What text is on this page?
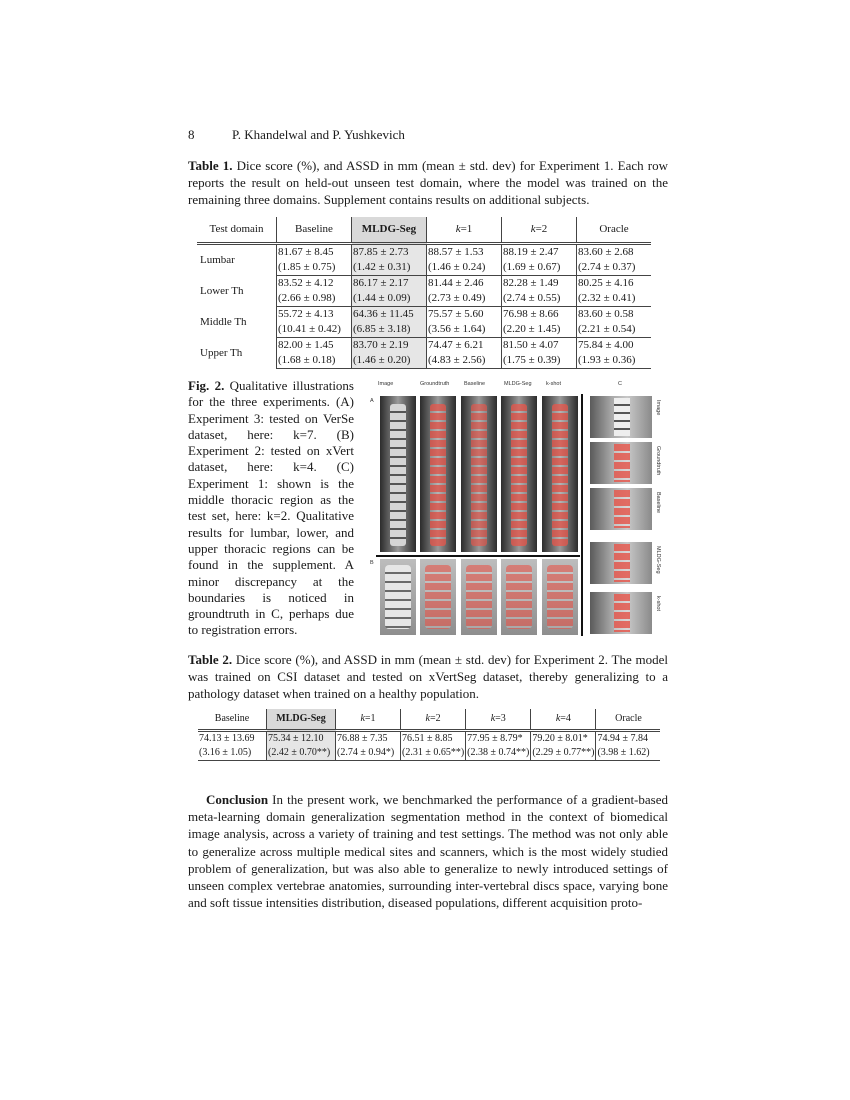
8	P. Khandelwal and P. Yushkevich
Table 1. Dice score (%), and ASSD in mm (mean ± std. dev) for Experiment 1. Each row reports the result on held-out unseen test domain, where the model was trained on the remaining three domains. Supplement contains results on additional subjects.
Test domain	Baseline	MLDG-Seg	k=1	k=2	Oracle

Lumbar	81.67 ± 8.45	87.85 ± 2.73	88.57 ± 1.53	88.19 ± 2.47	83.60 ± 2.68
	(1.85 ± 0.75)	(1.42 ± 0.31)	(1.46 ± 0.24)	(1.69 ± 0.67)	(2.74 ± 0.37)
Lower Th	83.52 ± 4.12	86.17 ± 2.17	81.44 ± 2.46	82.28 ± 1.49	80.25 ± 4.16
	(2.66 ± 0.98)	(1.44 ± 0.09)	(2.73 ± 0.49)	(2.74 ± 0.55)	(2.32 ± 0.41)
Middle Th	55.72 ± 4.13	64.36 ± 11.45	75.57 ± 5.60	76.98 ± 8.66	83.60 ± 0.58
	(10.41 ± 0.42)	(6.85 ± 3.18)	(3.56 ± 1.64)	(2.20 ± 1.45)	(2.21 ± 0.54)
Upper Th	82.00 ± 1.45	83.70 ± 2.19	74.47 ± 6.21	81.50 ± 4.07	75.84 ± 4.00
	(1.68 ± 0.18)	(1.46 ± 0.20)	(4.83 ± 2.56)	(1.75 ± 0.39)	(1.93 ± 0.36)
Fig. 2. Qualitative illustrations for the three experiments. (A) Experiment 3: tested on VerSe dataset, here: k=7. (B) Experiment 2: tested on xVert dataset, here: k=4. (C) Experiment 1: shown is the middle thoracic region as the test set, here: k=2. Qualitative results for lumbar, lower, and upper thoracic regions can be found in the supplement. A minor discrepancy at the boundaries is noticed in groundtruth in C, perhaps due to registration errors.
Image	Groundtruth	Baseline	MLDG-Seg	k-shot
A
B
C
Image
Groundtruth
Baseline
MLDG-Seg
k-shot
Table 2. Dice score (%), and ASSD in mm (mean ± std. dev) for Experiment 2. The model was trained on CSI dataset and tested on xVertSeg dataset, thereby generalizing to a pathology dataset when trained on a healthy population.
Baseline	MLDG-Seg	k=1	k=2	k=3	k=4	Oracle

74.13 ± 13.69	75.34 ± 12.10	76.88 ± 7.35	76.51 ± 8.85	77.95 ± 8.79*	79.20 ± 8.01*	74.94 ± 7.84
(3.16 ± 1.05)	(2.42 ± 0.70**)	(2.74 ± 0.94*)	(2.31 ± 0.65**)	(2.38 ± 0.74**)	(2.29 ± 0.77**)	(3.98 ± 1.62)
Conclusion In the present work, we benchmarked the performance of a gradient-based meta-learning domain generalization segmentation method in the context of biomedical image analysis, across a variety of training and test settings. The method was not only able to generalize across multiple medical sites and scanners, which is the most widely studied problem of generalization, but was also able to generalize to newly introduced settings of unseen complex vertebrae anatomies, surrounding inter-vertebral discs space, varying bone and soft tissue intensities distribution, diseased populations, different acquisition proto-
